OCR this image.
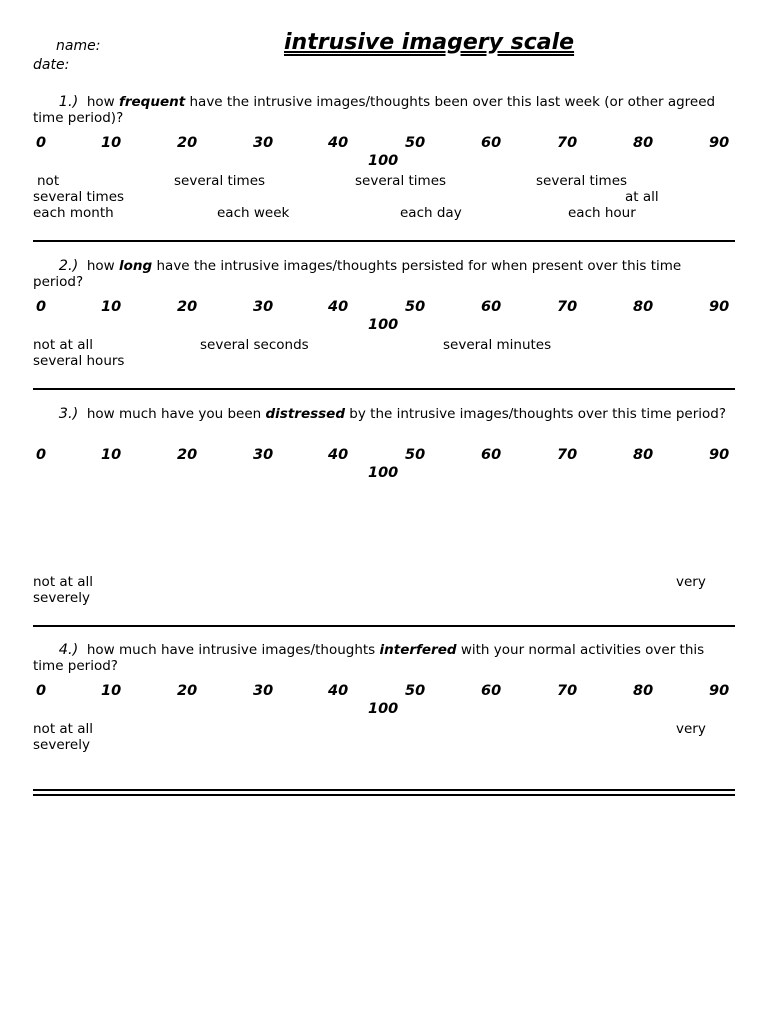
name:
date:
intrusive imagery scale
1.) how frequent have the intrusive images/thoughts been over this last week (or other agreed time period)?
0	10	20	30	40	50	60	70	80	90
100
not	several times	several times	several times
several times	at all
each month	each week	each day	each hour
2.) how long have the intrusive images/thoughts persisted for when present over this time period?
0	10	20	30	40	50	60	70	80	90
100
not at all	several seconds	several minutes
several hours
3.) how much have you been distressed by the intrusive images/thoughts over this time period?
0	10	20	30	40	50	60	70	80	90
100
not at all	very
severely
4.) how much have intrusive images/thoughts interfered with your normal activities over this time period?
0	10	20	30	40	50	60	70	80	90
100
not at all	very
severely
